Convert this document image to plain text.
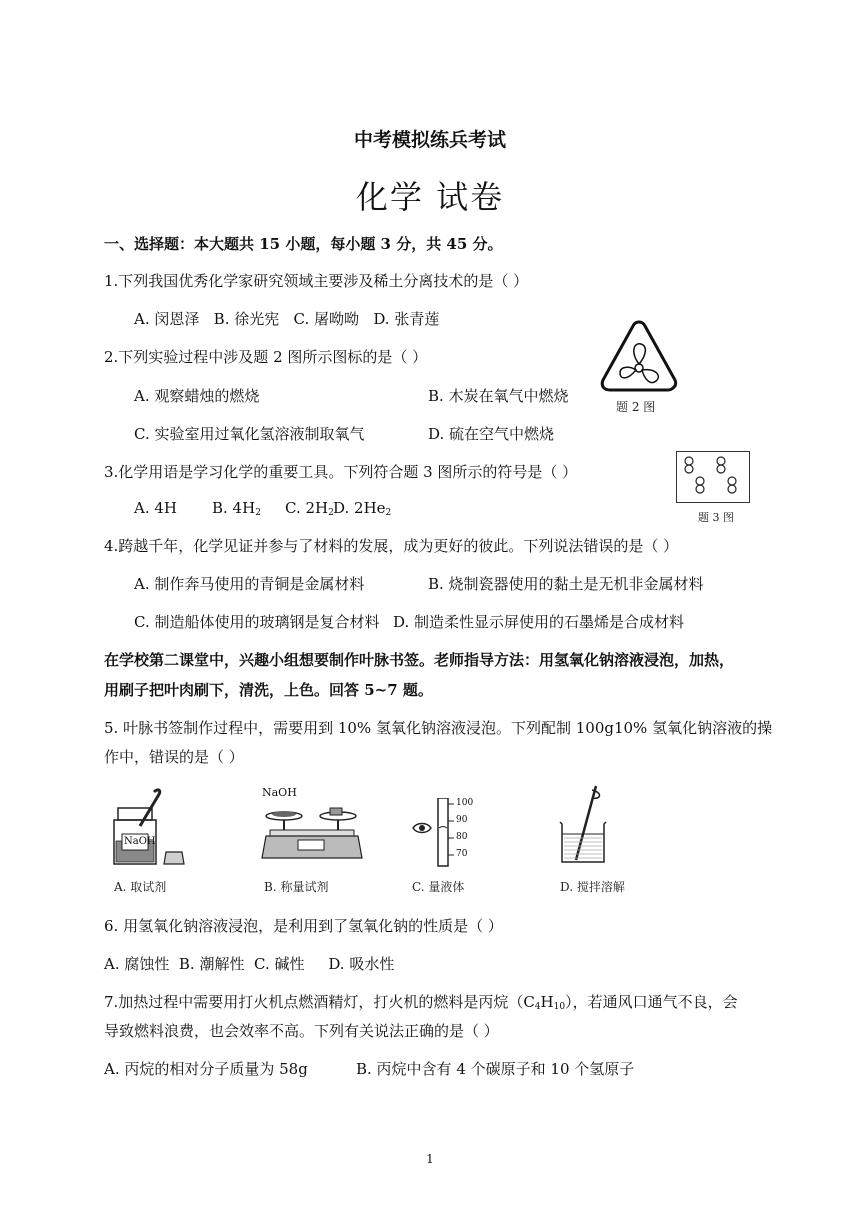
中考模拟练兵考试
化学 试卷
一、选择题：本大题共 15 小题，每小题 3 分，共 45 分。
1.下列我国优秀化学家研究领域主要涉及稀土分离技术的是（ ）
A. 闵恩泽   B. 徐光宪   C. 屠呦呦   D. 张青莲
2.下列实验过程中涉及题 2 图所示图标的是（ ）
A. 观察蜡烛的燃烧	B. 木炭在氧气中燃烧
C. 实验室用过氧化氢溶液制取氧气	D. 硫在空气中燃烧
题 2 图
3.化学用语是学习化学的重要工具。下列符合题 3 图所示的符号是（ ）
A. 4H B. $4H_2$ C. $2H_2$ D. $2He_2$	题 3 图
4.跨越千年，化学见证并参与了材料的发展，成为更好的彼此。下列说法错误的是（ ）
A. 制作奔马使用的青铜是金属材料	B. 烧制瓷器使用的黏土是无机非金属材料
C. 制造船体使用的玻璃钢是复合材料 D. 制造柔性显示屏使用的石墨烯是合成材料
在学校第二课堂中，兴趣小组想要制作叶脉书签。老师指导方法：用氢氧化钠溶液浸泡，加热，
用刷子把叶肉刷下，清洗，上色。回答 5~7 题。
5. 叶脉书签制作过程中，需要用到 10% 氢氧化钠溶液浸泡。下列配制 100g10% 氢氧化钠溶液的操
作中，错误的是（ ）
NaOH
A. 取试剂
NaOH
B. 称量试剂
100
90
80
70
C. 量液体	D. 搅拌溶解
6. 用氢氧化钠溶液浸泡，是利用到了氢氧化钠的性质是（ ）
A. 腐蚀性  B. 潮解性  C. 碱性     D. 吸水性
7.加热过程中需要用打火机点燃酒精灯，打火机的燃料是丙烷$(C_4H_{10})$，若通风口通气不良，会
导致燃料浪费，也会效率不高。下列有关说法正确的是（ ）
A. 丙烷的相对分子质量为 58g	B. 丙烷中含有 4 个碳原子和 10 个氢原子
1
